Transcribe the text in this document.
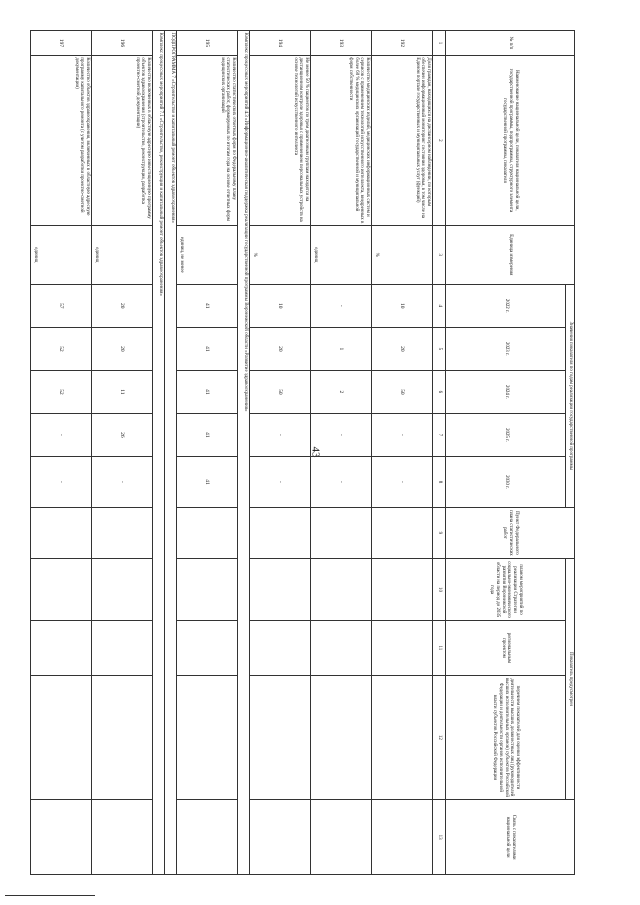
43
№ п/п	Наименование национальной цели, показателя национальной цели, государственной программы, подпрограммы, структурного элемента государственной программы, показателя	Единица измерения	Значения показателя по годам реализации государственной программы					Пункт Федерального плана статистических работ	Показатель предусмотрен			Связь с показателями национальной цели
			2022 г.	2023 г.	2024 г.	2025 г.	2030 г.		планом мероприятий по реализации Стратегии социально-экономического развития Воронежской области на период до 2035 года	региональным проектом	перечнем показателей для оценки эффективности деятельности высших должностных лиц (руководителей высших исполнительных органов) субъектов Российской Федерации и деятельности органов исполнительной власти субъектов Российской Федерации	
1	2	3	4	5	6	7	8	9	10	11	12	13
192	Доля граждан, находящихся на диспансерном наблюдении, по которым обеспечен информационный мониторинг состояния здоровья, в том числе на Едином портале государственных и муниципальных услуг (функций)	%	10	20	50	-	-					
193	Количество медицинских изделий, медицинских информационных систем и сервисов с применением технологий искусственного интеллекта, внедренных в более 60 % медицинских организаций государственной и муниципальной форм собственности	единиц	-	1	2	-	-					
194	Не менее 50 % пациентов по трем диагнозным группам находятся на дистанционном контроле здоровья с применением персональных устройств на основе технологий искусственного интеллекта	%	10	20	50	-	-					
Комплекс процессных мероприятий 4.3 «Информационно-аналитическая поддержка реализации государственной программы Воронежской области «Развитие здравоохранения»												
195	Количество статистических отчетных форм по Федеральному плану статистических работ, формируемых по итогам года на основе отчетных форм медицинских организаций	единиц, не менее	41	41	41	41	41					
ПОДПРОГРАММА 7 «Строительство и капитальный ремонт объектов здравоохранения»												
Комплекс процессных мероприятий 7.1 «Строительство, реконструкция и капитальный ремонт объектов здравоохранения»												
196	Количество включенных в областную адресную инвестиционную программу объектов здравоохранения (строительство, реконструкция, разработка проектно-сметной документации)	единиц	20	20	11	26	-					
197	Количество объектов здравоохранения, включенных в областную адресную программу капитального ремонта (с учетом разработки проектно-сметной документации)	единиц	57	52	52	-	-					
